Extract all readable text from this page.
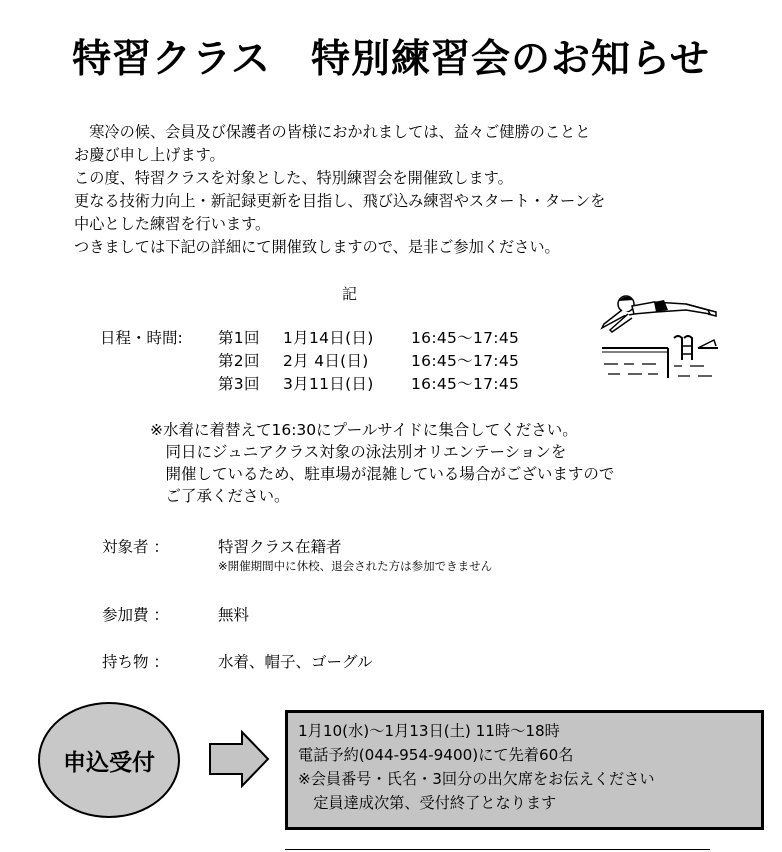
特習クラス　特別練習会のお知らせ
　寒冷の候、会員及び保護者の皆様におかれましては、益々ご健勝のことと
お慶び申し上げます。
この度、特習クラスを対象とした、特別練習会を開催致します。
更なる技術力向上・新記録更新を目指し、飛び込み練習やスタート・ターンを
中心とした練習を行います。
つきましては下記の詳細にて開催致しますので、是非ご参加ください。
記
日程・時間: 第1回 1月14日(日) 16:45～17:45
第2回 2月 4日(日)	16:45～17:45
第3回 3月11日(日) 16:45～17:45
※水着に着替えて16:30にプールサイドに集合してください。
　同日にジュニアクラス対象の泳法別オリエンテーションを
　開催しているため、駐車場が混雑している場合がございますので
　ご了承ください。
対象者 ：	特習クラス在籍者
※開催期間中に休校、退会された方は参加できません
参加費 ：	無料
持ち物 ：	水着、帽子、ゴーグル
申込受付
1月10(水)～1月13日(土) 11時～18時
電話予約(044-954-9400)にて先着60名
※会員番号・氏名・3回分の出欠席をお伝えください
　定員達成次第、受付終了となります
